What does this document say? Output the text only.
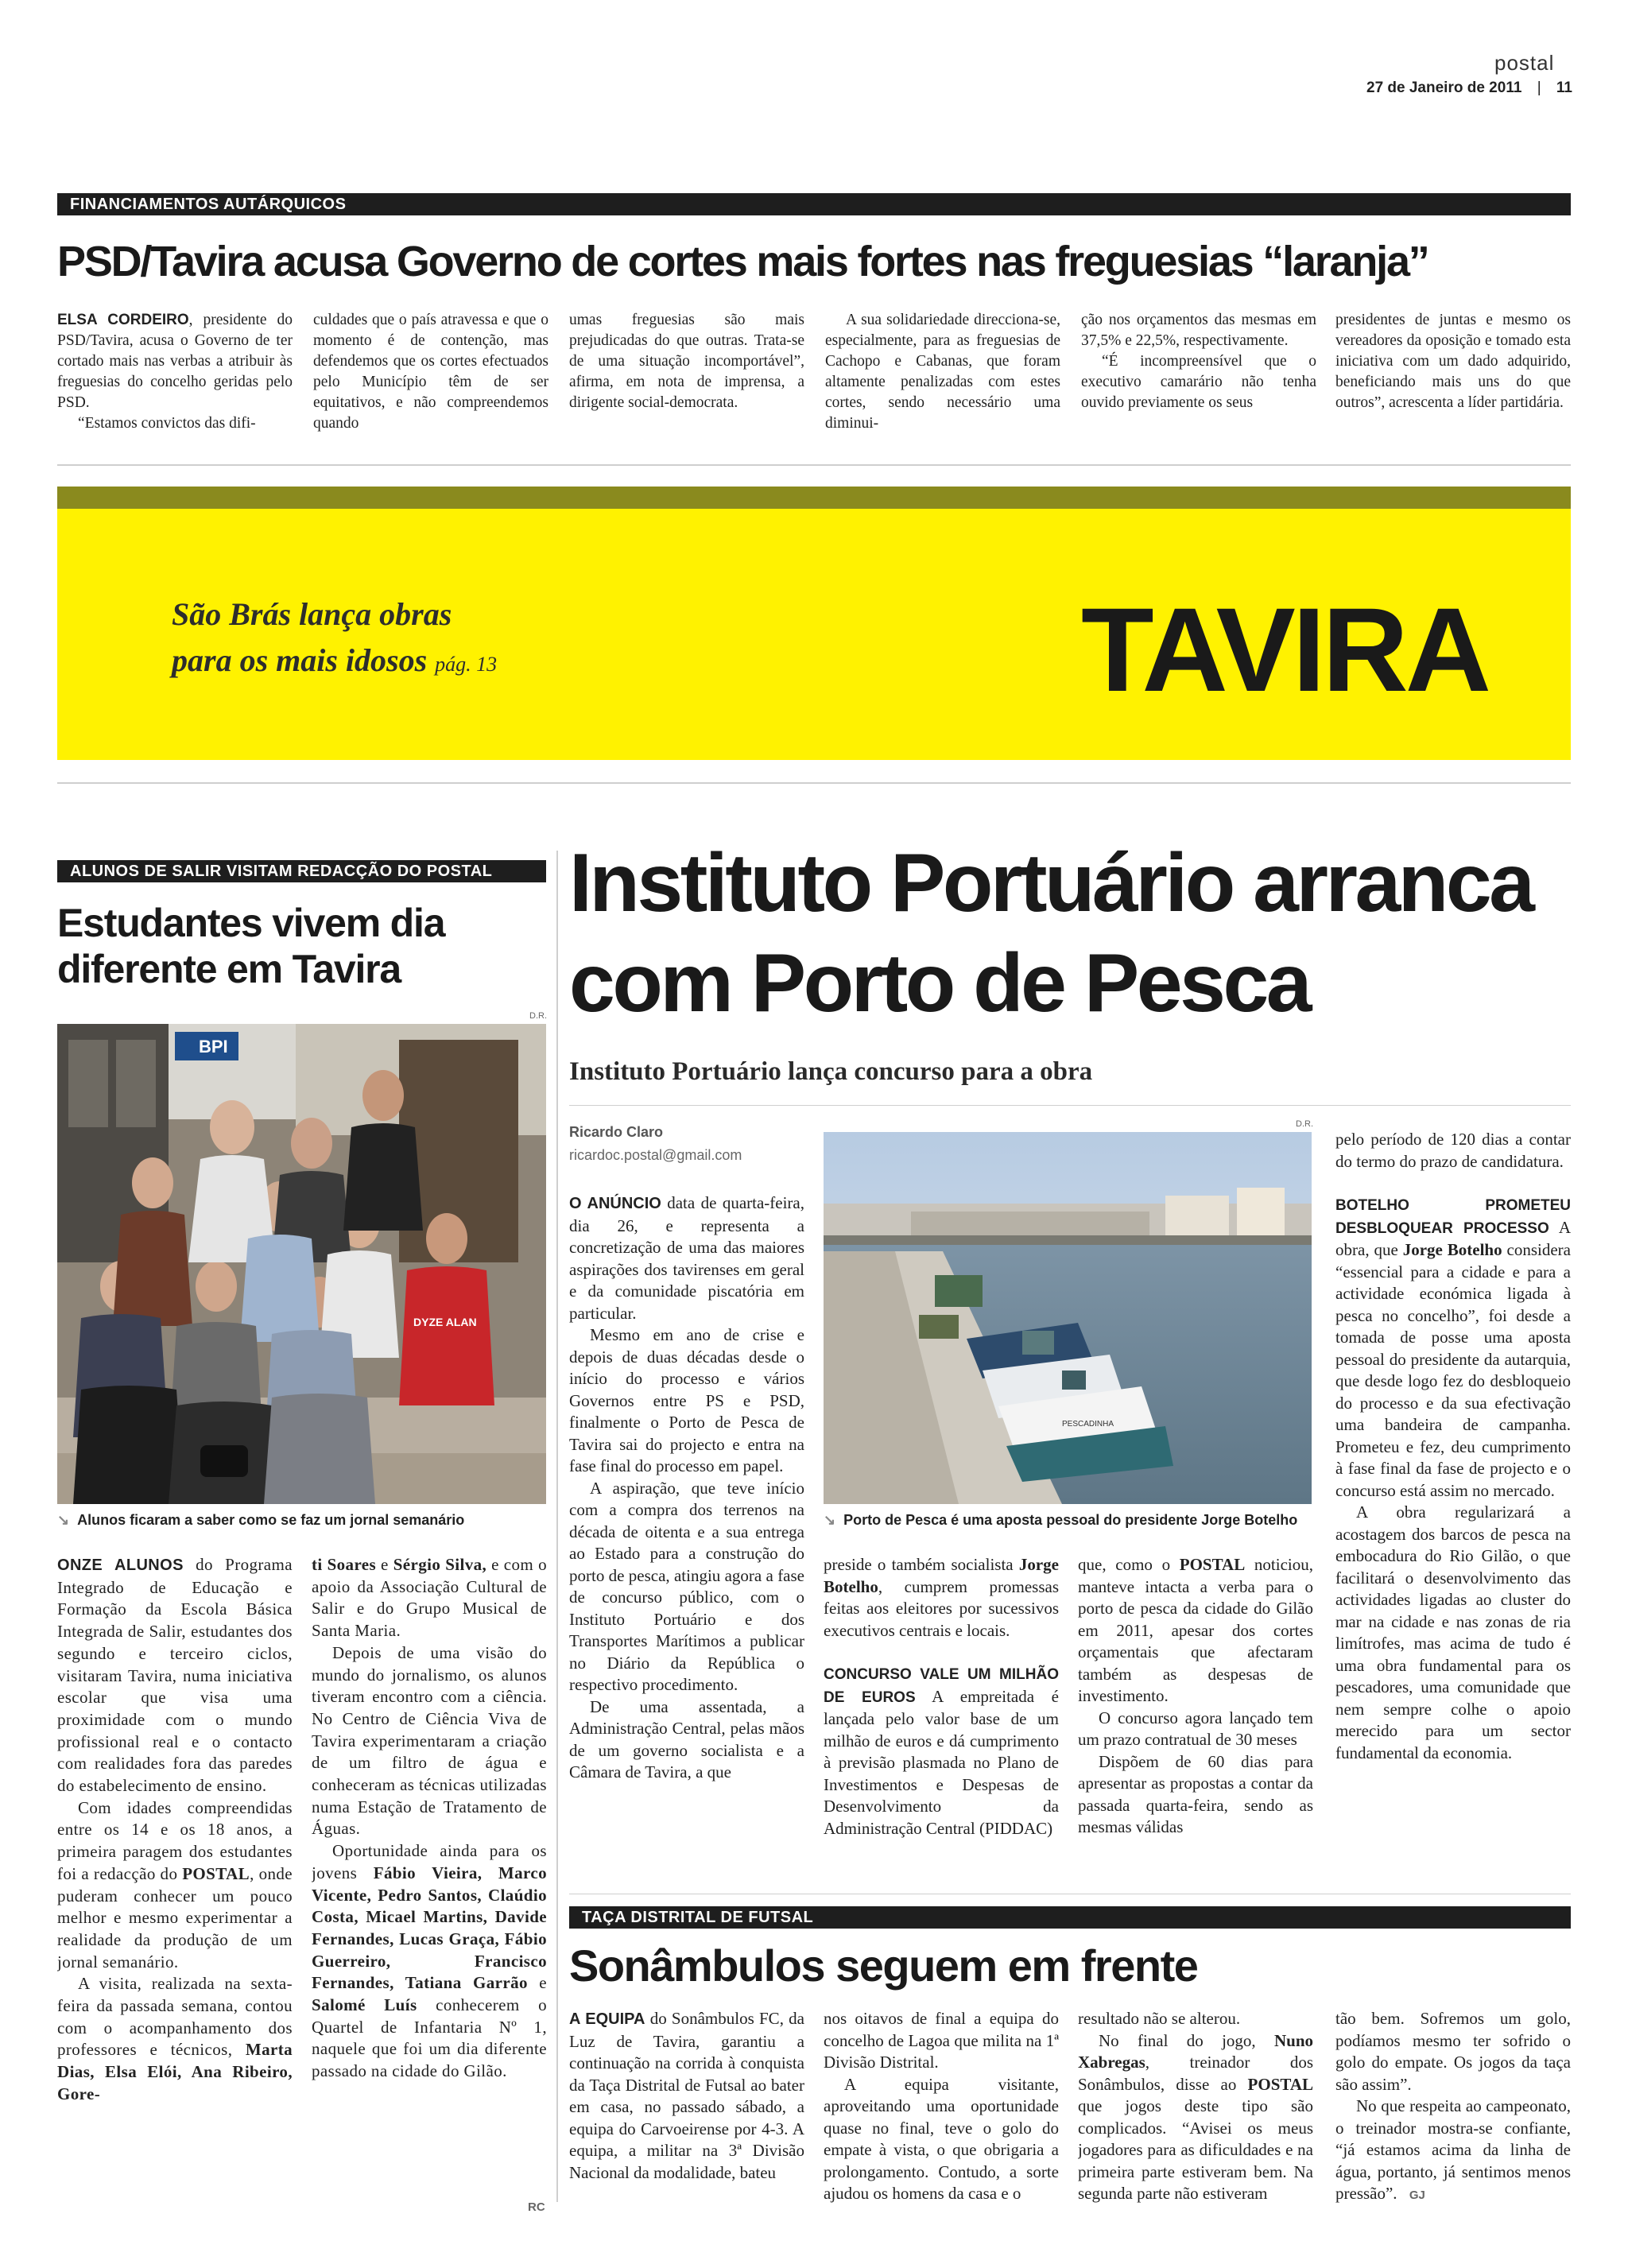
postal
27 de Janeiro de 2011 | 11
FINANCIAMENTOS AUTÁRQUICOS
PSD/Tavira acusa Governo de cortes mais fortes nas freguesias “laranja”

ELSA CORDEIRO, presidente do PSD/Tavira, acusa o Governo de ter cortado mais nas verbas a atribuir às freguesias do concelho geridas pelo PSD.

“Estamos convictos das difi-

culdades que o país atravessa e que o momento é de contenção, mas defendemos que os cortes efectuados pelo Município têm de ser equitativos, e não compreendemos quando
umas freguesias são mais prejudicadas do que outras. Trata-se de uma situação incomportável”, afirma, em nota de imprensa, a dirigente social-democrata.

A sua solidariedade direcciona-se, especialmente, para as freguesias de Cachopo e Cabanas, que foram altamente penalizadas com estes cortes, sendo necessário uma diminui-

ção nos orçamentos das mesmas em 37,5% e 22,5%, respectivamente.

“É incompreensível que o executivo camarário não tenha ouvido previamente os seus

presidentes de juntas e mesmo os vereadores da oposição e tomado esta iniciativa com um dado adquirido, beneficiando mais uns do que outros”, acrescenta a líder partidária.
São Brás lança obras
para os mais idosos pág. 13	TAVIRA
ALUNOS DE SALIR VISITAM REDACÇÃO DO POSTAL
Estudantes vivem dia
diferente em Tavira
D.R.
BPI
DYZE ALAN
↘ Alunos ficaram a saber como se faz um jornal semanário

ONZE ALUNOS do Programa Integrado de Educação e Formação da Escola Básica Integrada de Salir, estudantes dos segundo e terceiro ciclos, visitaram Tavira, numa iniciativa escolar que visa uma proximidade com o mundo profissional real e o contacto com realidades fora das paredes do estabelecimento de ensino.

Com idades compreendidas entre os 14 e os 18 anos, a primeira paragem dos estudantes foi a redacção do POSTAL, onde puderam conhecer um pouco melhor e mesmo experimentar a realidade da produção de um jornal semanário.

A visita, realizada na sexta-feira da passada semana, contou com o acompanhamento dos professores e técnicos, Marta Dias, Elsa Elói, Ana Ribeiro, Gore-

ti Soares e Sérgio Silva, e com o apoio da Associação Cultural de Salir e do Grupo Musical de Santa Maria.

Depois de uma visão do mundo do jornalismo, os alunos tiveram encontro com a ciência. No Centro de Ciência Viva de Tavira experimentaram a criação de um filtro de água e conheceram as técnicas utilizadas numa Estação de Tratamento de Águas.

Oportunidade ainda para os jovens Fábio Vieira, Marco Vicente, Pedro Santos, Claúdio Costa, Micael Martins, Davide Fernandes, Lucas Graça, Fábio Guerreiro, Francisco Fernandes, Tatiana Garrão e Salomé Luís conhecerem o Quartel de Infantaria Nº 1, naquele que foi um dia diferente passado na cidade do Gilão.

RC
Instituto Portuário arranca
com Porto de Pesca
Instituto Portuário lança concurso para a obra
Ricardo Claro
ricardoc.postal@gmail.com
D.R.
PESCADINHA
↘ Porto de Pesca é uma aposta pessoal do presidente Jorge Botelho

O ANÚNCIO data de quarta-feira, dia 26, e representa a concretização de uma das maiores aspirações dos tavirenses em geral e da comunidade piscatória em particular.

Mesmo em ano de crise e depois de duas décadas desde o início do processo e vários Governos entre PS e PSD, finalmente o Porto de Pesca de Tavira sai do projecto e entra na fase final do processo em papel.

A aspiração, que teve início com a compra dos terrenos na década de oitenta e a sua entrega ao Estado para a construção do porto de pesca, atingiu agora a fase de concurso público, com o Instituto Portuário e dos Transportes Marítimos a publicar no Diário da República o respectivo procedimento.

De uma assentada, a Administração Central, pelas mãos de um governo socialista e a Câmara de Tavira, a que

preside o também socialista Jorge Botelho, cumprem promessas feitas aos eleitores por sucessivos executivos centrais e locais.

CONCURSO VALE UM MILHÃO DE EUROS A empreitada é lançada pelo valor base de um milhão de euros e dá cumprimento à previsão plasmada no Plano de Investimentos e Despesas de Desenvolvimento da Administração Central (PIDDAC)

que, como o POSTAL noticiou, manteve intacta a verba para o porto de pesca da cidade do Gilão em 2011, apesar dos cortes orçamentais que afectaram também as despesas de investimento.

O concurso agora lançado tem um prazo contratual de 30 meses

Dispõem de 60 dias para apresentar as propostas a contar da passada quarta-feira, sendo as mesmas válidas

pelo período de 120 dias a contar do termo do prazo de candidatura.

BOTELHO PROMETEU DESBLOQUEAR PROCESSO A obra, que Jorge Botelho considera “essencial para a cidade e para a actividade económica ligada à pesca no concelho”, foi desde a tomada de posse uma aposta pessoal do presidente da autarquia, que desde logo fez do desbloqueio do processo e da sua efectivação uma bandeira de campanha. Prometeu e fez, deu cumprimento à fase final da fase de projecto e o concurso está assim no mercado.

A obra regularizará a acostagem dos barcos de pesca na embocadura do Rio Gilão, o que facilitará o desenvolvimento das actividades ligadas ao cluster do mar na cidade e nas zonas de ria limítrofes, mas acima de tudo é uma obra fundamental para os pescadores, uma comunidade que nem sempre colhe o apoio merecido para um sector fundamental da economia.

TAÇA DISTRITAL DE FUTSAL
Sonâmbulos seguem em frente

A EQUIPA do Sonâmbulos FC, da Luz de Tavira, garantiu a continuação na corrida à conquista da Taça Distrital de Futsal ao bater em casa, no passado sábado, a equipa do Carvoeirense por 4-3. A equipa, a militar na 3ª Divisão Nacional da modalidade, bateu

nos oitavos de final a equipa do concelho de Lagoa que milita na 1ª Divisão Distrital.

A equipa visitante, aproveitando uma oportunidade quase no final, teve o golo do empate à vista, o que obrigaria a prolongamento. Contudo, a sorte ajudou os homens da casa e o

resultado não se alterou.

No final do jogo, Nuno Xabregas, treinador dos Sonâmbulos, disse ao POSTAL que jogos deste tipo são complicados. “Avisei os meus jogadores para as dificuldades e na primeira parte estiveram bem. Na segunda parte não estiveram

tão bem. Sofremos um golo, podíamos mesmo ter sofrido o golo do empate. Os jogos da taça são assim”.

No que respeita ao campeonato, o treinador mostra-se confiante, “já estamos acima da linha de água, portanto, já sentimos menos pressão”. GJ
